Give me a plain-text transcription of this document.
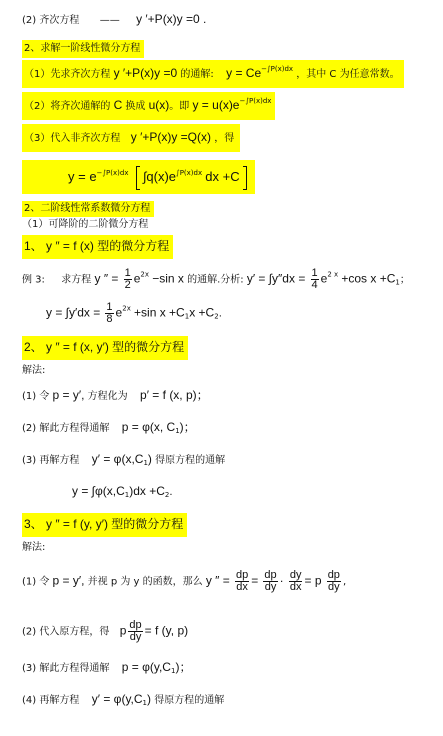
(2) 齐次方程 —— y ′+P(x)y =0 .
2、求解一阶线性微分方程
（1）先求齐次方程 y ′+P(x)y =0 的通解: $y = Ce^{-\int P(x)dx}$ ，其中 C 为任意常数。
（2）将齐次通解的 C 换成 u(x)。即 $y = u(x)e^{-\int P(x)dx}$
（3）代入非齐次方程 y ′+P(x)y =Q(x) ，得
$y = e^{-\int P(x)dx}$ $\int q(x)e^{\int P(x)dx}$ dx +C
2、二阶线性常系数微分方程
（1）可降阶的二阶微分方程
1、 y ″ = f (x) 型的微分方程
例 3: 求方程 y ″ = $\frac{1}{2} e^{2x} -\sin$ x 的通解.分析: $y' = \int y''dx = \frac{1}{4} e^{2 x} +\cos$ $x +C_1$；
$y = \int y'dx = \frac{1}{8} e^{2x} +\sin$ $x +C_1x +C_2$.
2、 y ″ = f (x, y′) 型的微分方程
解法:
(1) 令 p = y′, 方程化为 p′ = f (x, p)；
(2) 解此方程得通解 p = φ(x, $C_1$)；
(3) 再解方程 $y' = \varphi(x,C_1)$ 得原方程的通解
$y = \int\varphi(x,C_1)dx +C_2$.
3、 y ″ = f (y, y′) 型的微分方程
解法:
(1) 令 p = y′, 并视 p 为 y 的函数，那么 y ″ = $\frac{dp}{dx} = \frac{dp}{dy} \cdot \frac{dy}{dx} = p \frac{dp}{dy}$ ,
(2) 代入原方程，得 p $\frac{dp}{dy} = f$ (y, p)
(3) 解此方程得通解 $p = \varphi(y,C_1)$；
(4) 再解方程 $y' = \varphi(y,C_1)$ 得原方程的通解
